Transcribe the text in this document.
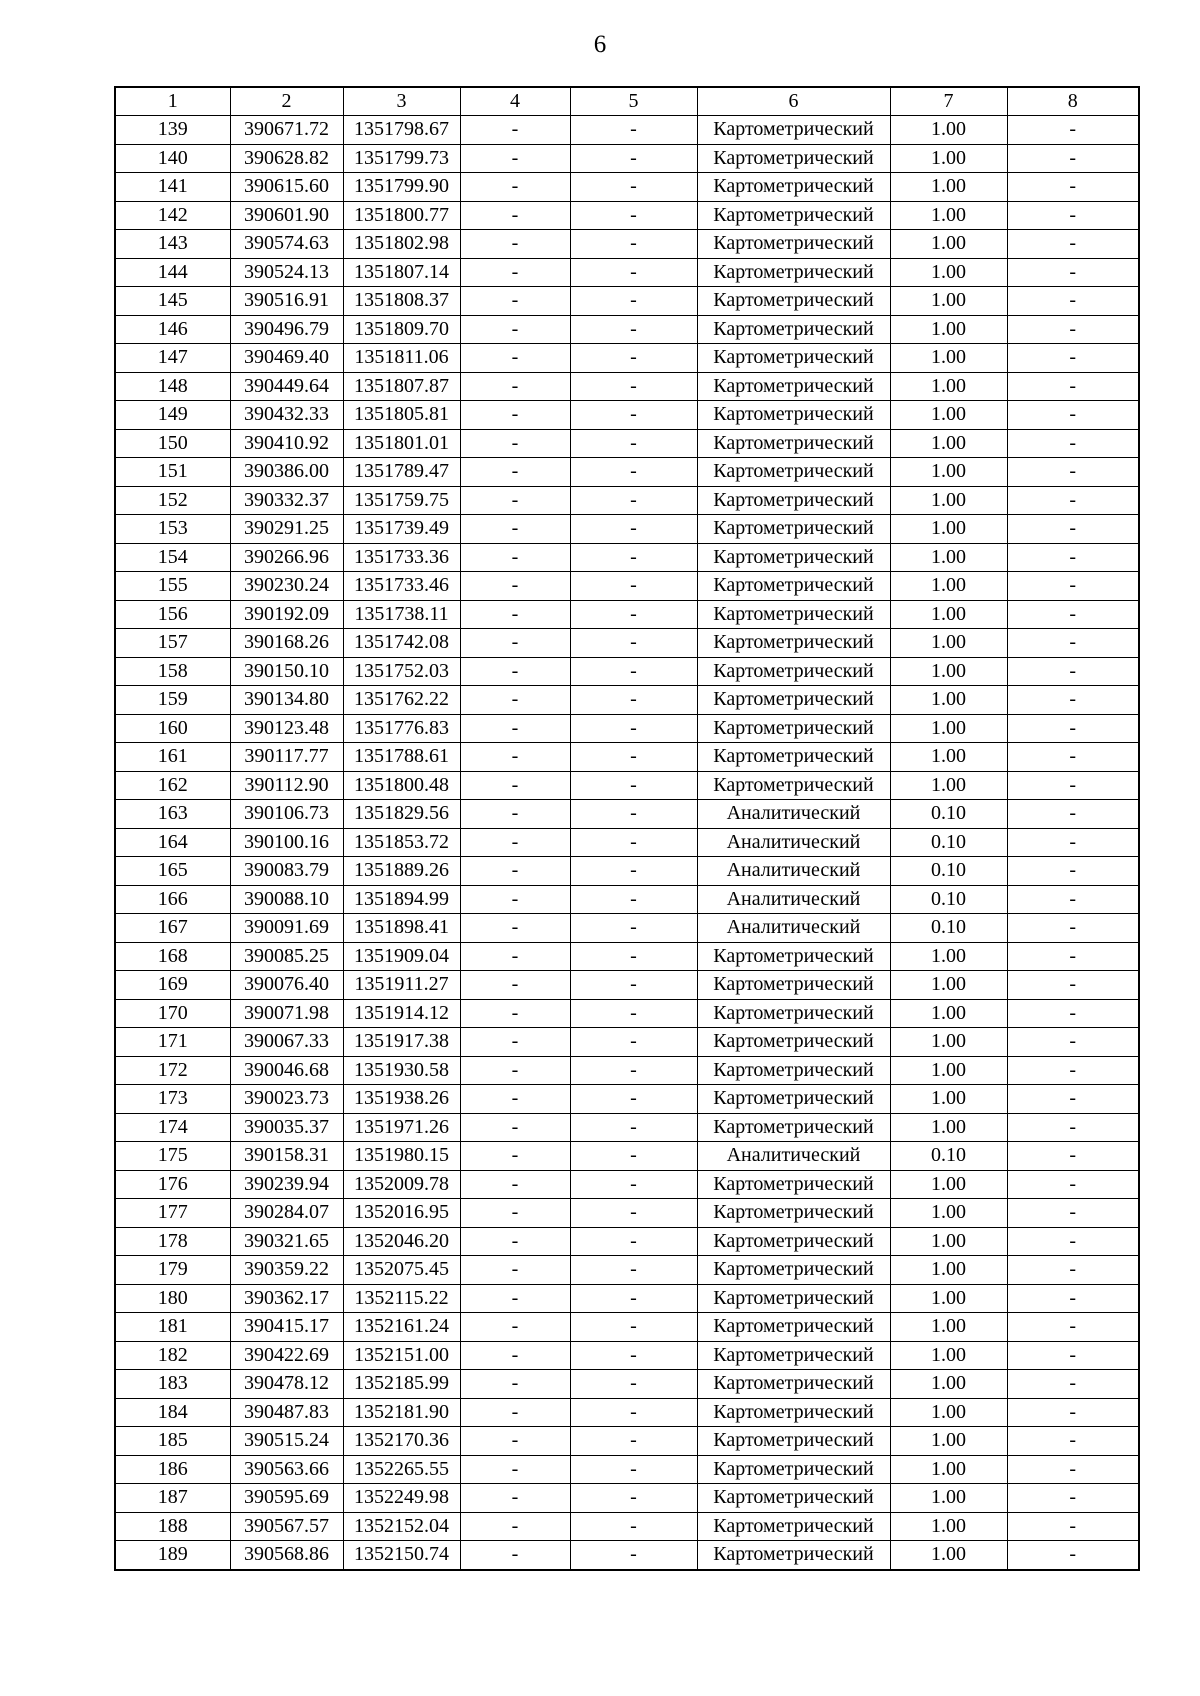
6
1	2	3	4	5	6	7	8
139	390671.72	1351798.67	-	-	Картометрический	1.00	-
140	390628.82	1351799.73	-	-	Картометрический	1.00	-
141	390615.60	1351799.90	-	-	Картометрический	1.00	-
142	390601.90	1351800.77	-	-	Картометрический	1.00	-
143	390574.63	1351802.98	-	-	Картометрический	1.00	-
144	390524.13	1351807.14	-	-	Картометрический	1.00	-
145	390516.91	1351808.37	-	-	Картометрический	1.00	-
146	390496.79	1351809.70	-	-	Картометрический	1.00	-
147	390469.40	1351811.06	-	-	Картометрический	1.00	-
148	390449.64	1351807.87	-	-	Картометрический	1.00	-
149	390432.33	1351805.81	-	-	Картометрический	1.00	-
150	390410.92	1351801.01	-	-	Картометрический	1.00	-
151	390386.00	1351789.47	-	-	Картометрический	1.00	-
152	390332.37	1351759.75	-	-	Картометрический	1.00	-
153	390291.25	1351739.49	-	-	Картометрический	1.00	-
154	390266.96	1351733.36	-	-	Картометрический	1.00	-
155	390230.24	1351733.46	-	-	Картометрический	1.00	-
156	390192.09	1351738.11	-	-	Картометрический	1.00	-
157	390168.26	1351742.08	-	-	Картометрический	1.00	-
158	390150.10	1351752.03	-	-	Картометрический	1.00	-
159	390134.80	1351762.22	-	-	Картометрический	1.00	-
160	390123.48	1351776.83	-	-	Картометрический	1.00	-
161	390117.77	1351788.61	-	-	Картометрический	1.00	-
162	390112.90	1351800.48	-	-	Картометрический	1.00	-
163	390106.73	1351829.56	-	-	Аналитический	0.10	-
164	390100.16	1351853.72	-	-	Аналитический	0.10	-
165	390083.79	1351889.26	-	-	Аналитический	0.10	-
166	390088.10	1351894.99	-	-	Аналитический	0.10	-
167	390091.69	1351898.41	-	-	Аналитический	0.10	-
168	390085.25	1351909.04	-	-	Картометрический	1.00	-
169	390076.40	1351911.27	-	-	Картометрический	1.00	-
170	390071.98	1351914.12	-	-	Картометрический	1.00	-
171	390067.33	1351917.38	-	-	Картометрический	1.00	-
172	390046.68	1351930.58	-	-	Картометрический	1.00	-
173	390023.73	1351938.26	-	-	Картометрический	1.00	-
174	390035.37	1351971.26	-	-	Картометрический	1.00	-
175	390158.31	1351980.15	-	-	Аналитический	0.10	-
176	390239.94	1352009.78	-	-	Картометрический	1.00	-
177	390284.07	1352016.95	-	-	Картометрический	1.00	-
178	390321.65	1352046.20	-	-	Картометрический	1.00	-
179	390359.22	1352075.45	-	-	Картометрический	1.00	-
180	390362.17	1352115.22	-	-	Картометрический	1.00	-
181	390415.17	1352161.24	-	-	Картометрический	1.00	-
182	390422.69	1352151.00	-	-	Картометрический	1.00	-
183	390478.12	1352185.99	-	-	Картометрический	1.00	-
184	390487.83	1352181.90	-	-	Картометрический	1.00	-
185	390515.24	1352170.36	-	-	Картометрический	1.00	-
186	390563.66	1352265.55	-	-	Картометрический	1.00	-
187	390595.69	1352249.98	-	-	Картометрический	1.00	-
188	390567.57	1352152.04	-	-	Картометрический	1.00	-
189	390568.86	1352150.74	-	-	Картометрический	1.00	-
